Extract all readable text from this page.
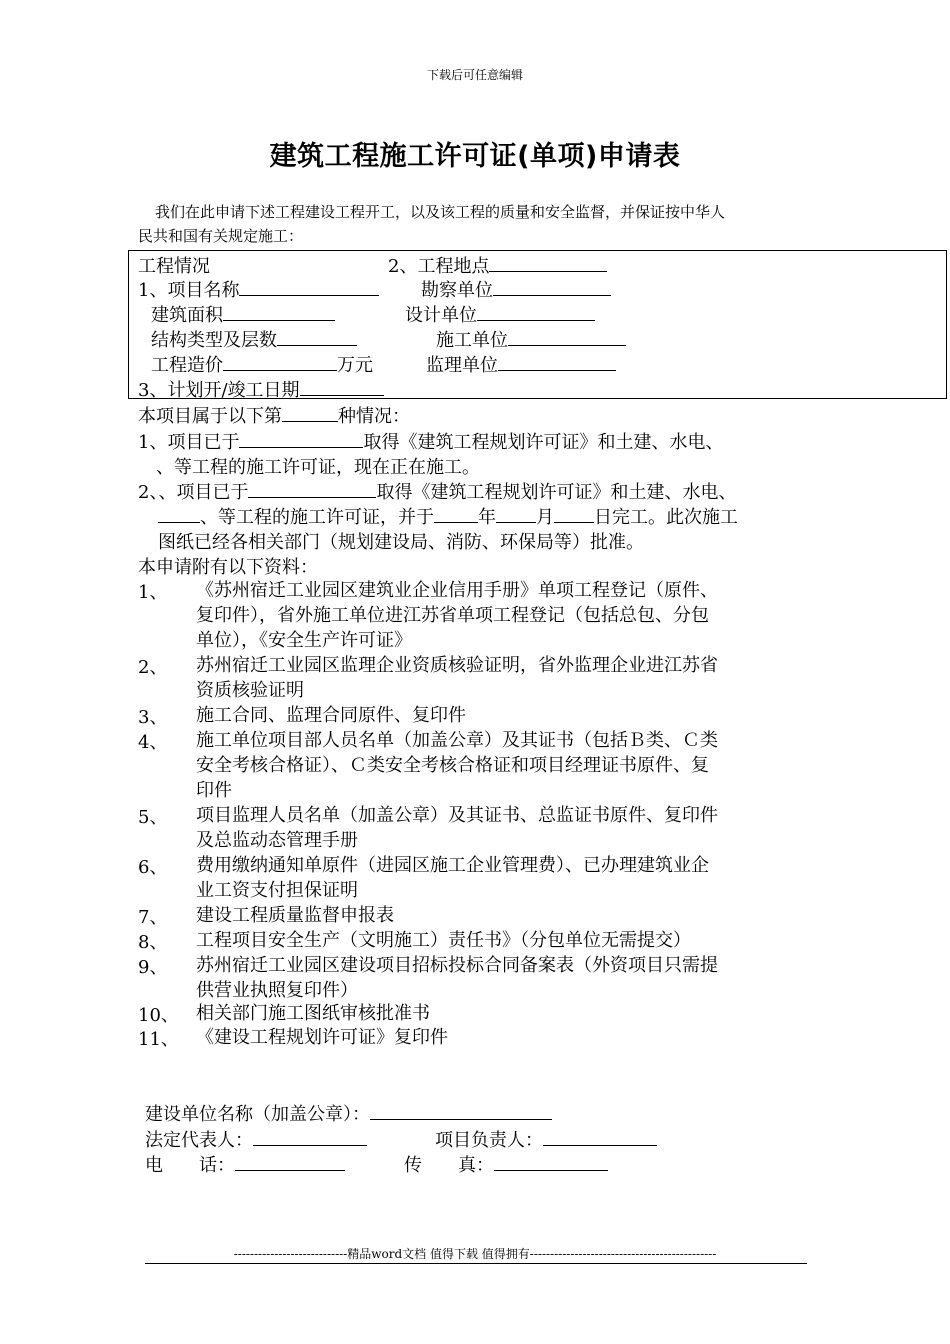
下载后可任意编辑
建筑工程施工许可证(单项)申请表

我们在此申请下述工程建设工程开工，以及该工程的质量和安全监督，并保证按中华人

民共和国有关规定施工：

工程情况	2、工程地点
1、项目名称	勘察单位
建筑面积	设计单位
结构类型及层数	施工单位
工程造价	万元	监理单位
3、计划开/竣工日期
本项目属于以下第	种情况：
1、项目已于	取得《建筑工程规划许可证》和土建、水电、
、等工程的施工许可证，现在正在施工。
2、、项目已于	取得《建筑工程规划许可证》和土建、水电、
、等工程的施工许可证，并于 年 月 日完工。此次施工
图纸已经各相关部门（规划建设局、消防、环保局等）批准。
本申请附有以下资料：
1、 《苏州宿迁工业园区建筑业企业信用手册》单项工程登记（原件、
复印件），省外施工单位进江苏省单项工程登记（包括总包、分包
单位），《安全生产许可证》
2、 苏州宿迁工业园区监理企业资质核验证明，省外监理企业进江苏省
资质核验证明
3、 施工合同、监理合同原件、复印件
4、 施工单位项目部人员名单（加盖公章）及其证书（包括Ｂ类、Ｃ类
安全考核合格证）、Ｃ类安全考核合格证和项目经理证书原件、复
印件
5、 项目监理人员名单（加盖公章）及其证书、总监证书原件、复印件
及总监动态管理手册
6、 费用缴纳通知单原件（进园区施工企业管理费）、已办理建筑业企
业工资支付担保证明
7、 建设工程质量监督申报表
8、 工程项目安全生产（文明施工）责任书》（分包单位无需提交）
9、 苏州宿迁工业园区建设项目招标投标合同备案表（外资项目只需提
供营业执照复印件）
10、 相关部门施工图纸审核批准书
11、 《建设工程规划许可证》复印件
建设单位名称（加盖公章）：
法定代表人：	项目负责人：
电　　话：	传　　真：
----------------------------精品word文档 值得下载 值得拥有----------------------------------------------
